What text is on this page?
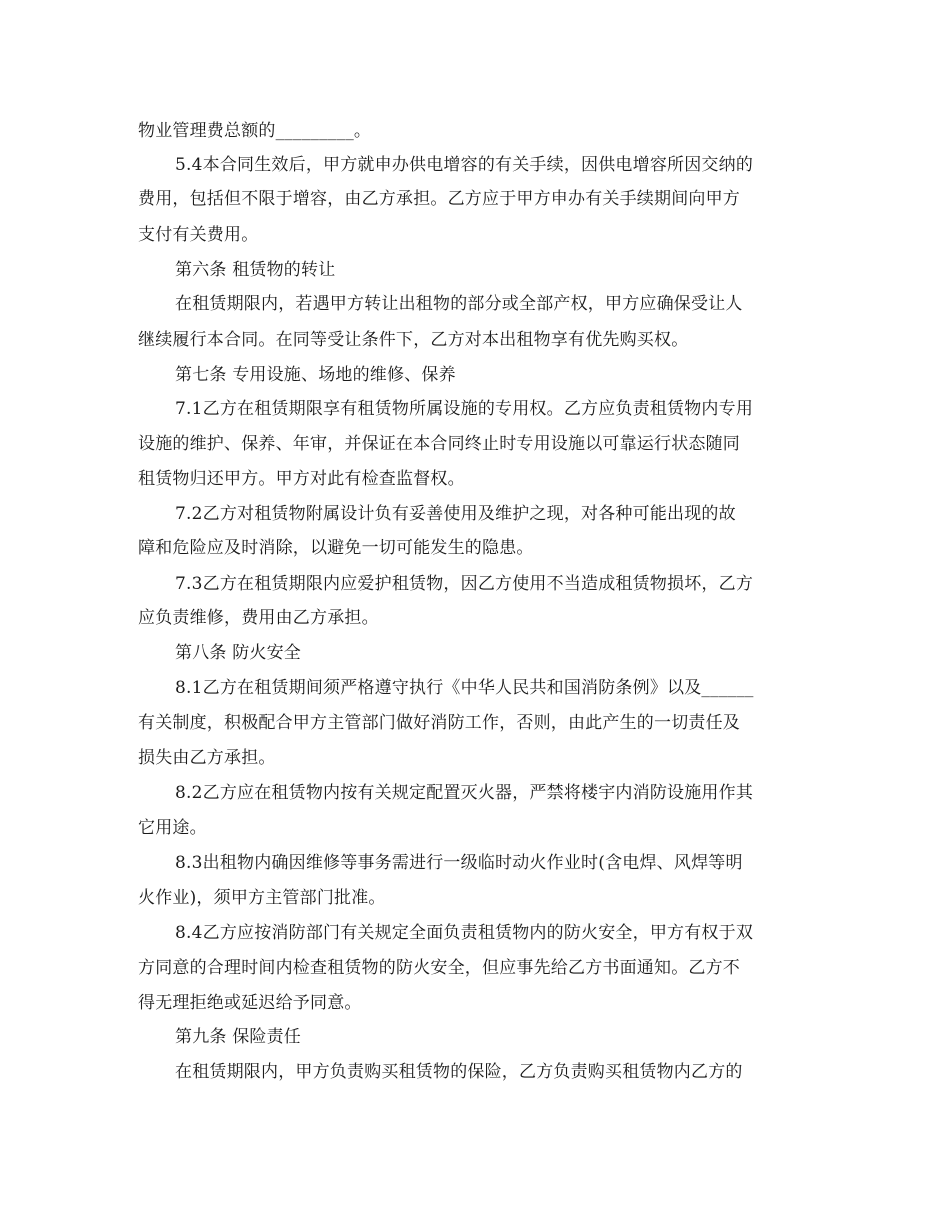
物业管理费总额的_________。
5.4本合同生效后，甲方就申办供电增容的有关手续，因供电增容所因交纳的
费用，包括但不限于增容，由乙方承担。乙方应于甲方申办有关手续期间向甲方
支付有关费用。
第六条 租赁物的转让
在租赁期限内，若遇甲方转让出租物的部分或全部产权，甲方应确保受让人
继续履行本合同。在同等受让条件下，乙方对本出租物享有优先购买权。
第七条 专用设施、场地的维修、保养
7.1乙方在租赁期限享有租赁物所属设施的专用权。乙方应负责租赁物内专用
设施的维护、保养、年审，并保证在本合同终止时专用设施以可靠运行状态随同
租赁物归还甲方。甲方对此有检查监督权。
7.2乙方对租赁物附属设计负有妥善使用及维护之现，对各种可能出现的故
障和危险应及时消除，以避免一切可能发生的隐患。
7.3乙方在租赁期限内应爱护租赁物，因乙方使用不当造成租赁物损坏，乙方
应负责维修，费用由乙方承担。
第八条 防火安全
8.1乙方在租赁期间须严格遵守执行《中华人民共和国消防条例》以及______
有关制度，积极配合甲方主管部门做好消防工作，否则，由此产生的一切责任及
损失由乙方承担。
8.2乙方应在租赁物内按有关规定配置灭火器，严禁将楼宇内消防设施用作其
它用途。
8.3出租物内确因维修等事务需进行一级临时动火作业时(含电焊、风焊等明
火作业)，须甲方主管部门批准。
8.4乙方应按消防部门有关规定全面负责租赁物内的防火安全，甲方有权于双
方同意的合理时间内检查租赁物的防火安全，但应事先给乙方书面通知。乙方不
得无理拒绝或延迟给予同意。
第九条 保险责任
在租赁期限内，甲方负责购买租赁物的保险，乙方负责购买租赁物内乙方的
